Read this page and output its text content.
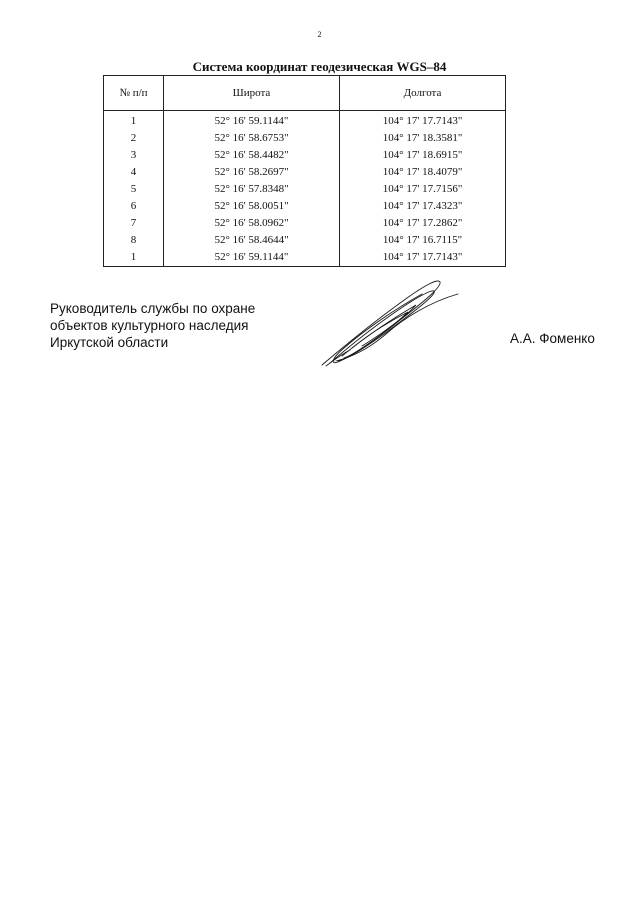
2
Система координат геодезическая WGS–84
№ п/п	Широта	Долгота
1	52° 16' 59.1144"	104° 17' 17.7143"
2	52° 16' 58.6753"	104° 17' 18.3581"
3	52° 16' 58.4482"	104° 17' 18.6915"
4	52° 16' 58.2697"	104° 17' 18.4079"
5	52° 16' 57.8348"	104° 17' 17.7156"
6	52° 16' 58.0051"	104° 17' 17.4323"
7	52° 16' 58.0962"	104° 17' 17.2862"
8	52° 16' 58.4644"	104° 17' 16.7115"
1	52° 16' 59.1144"	104° 17' 17.7143"
Руководитель службы по охране
объектов культурного наследия
Иркутской области	А.А. Фоменко
